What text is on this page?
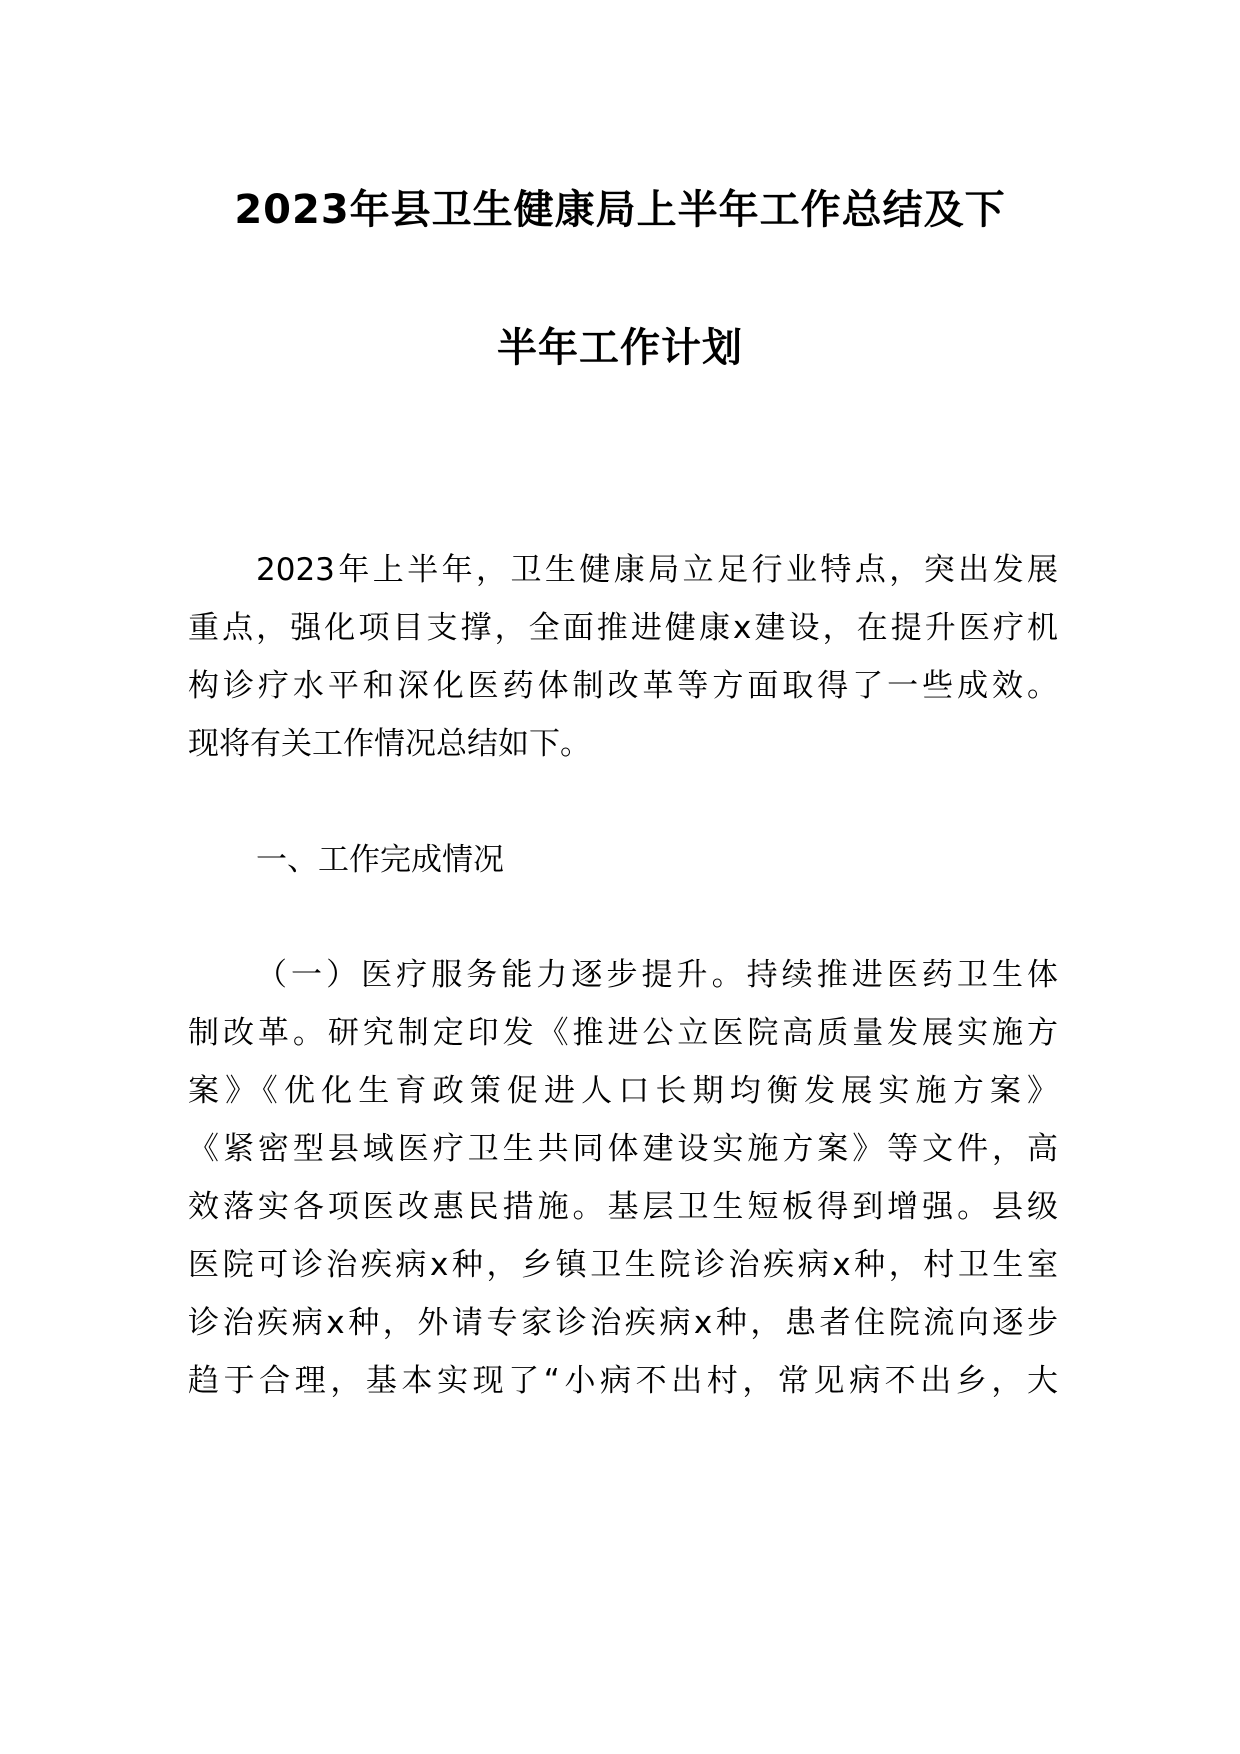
2023年县卫生健康局上半年工作总结及下
半年工作计划
2023年上半年，卫生健康局立足行业特点，突出发展
重点，强化项目支撑，全面推进健康x建设，在提升医疗机
构诊疗水平和深化医药体制改革等方面取得了一些成效。
现将有关工作情况总结如下。
一、工作完成情况
（一）医疗服务能力逐步提升。持续推进医药卫生体
制改革。研究制定印发《推进公立医院高质量发展实施方
案》《优化生育政策促进人口长期均衡发展实施方案》
《紧密型县域医疗卫生共同体建设实施方案》等文件，高
效落实各项医改惠民措施。基层卫生短板得到增强。县级
医院可诊治疾病x种，乡镇卫生院诊治疾病x种，村卫生室
诊治疾病x种，外请专家诊治疾病x种，患者住院流向逐步
趋于合理，基本实现了“小病不出村，常见病不出乡，大
